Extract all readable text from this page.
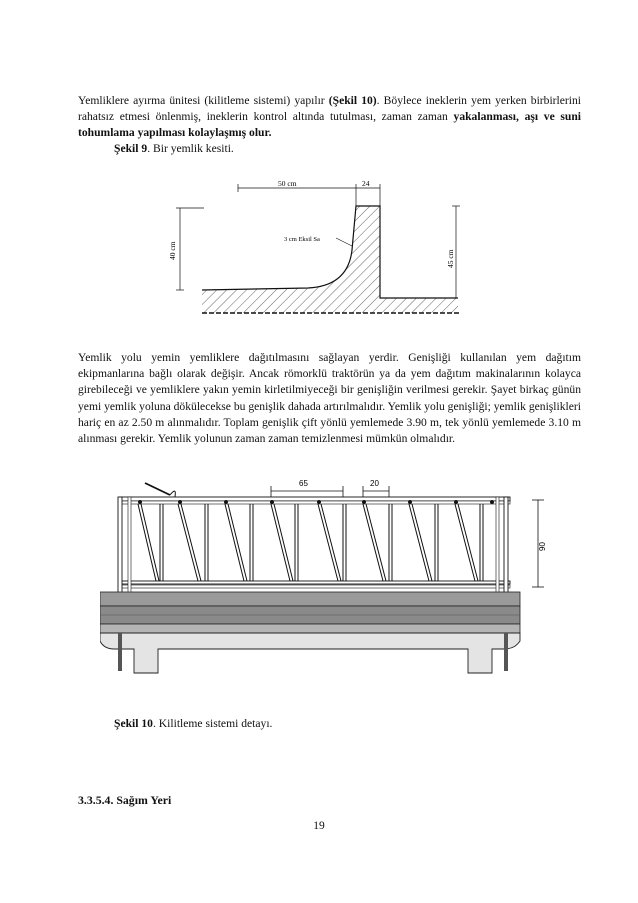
Yemliklere ayırma ünitesi (kilitleme sistemi) yapılır (Şekil 10). Böylece ineklerin yem yerken birbirlerini rahatsız etmesi önlenmiş, ineklerin kontrol altında tutulması, zaman zaman yakalanması, aşı ve suni tohumlama yapılması kolaylaşmış olur.

Şekil 9. Bir yemlik kesiti.

50 cm	24
40 cm	45 cm
3 cm Eksil Sa

Yemlik yolu yemin yemliklere dağıtılmasını sağlayan yerdir. Genişliği kullanılan yem dağıtım ekipmanlarına bağlı olarak değişir. Ancak römorklü traktörün ya da yem dağıtım makinalarının kolayca girebileceği ve yemliklere yakın yemin kirletilmiyeceği bir genişliğin verilmesi gerekir. Şayet birkaç günün yemi yemlik yoluna dökülecekse bu genişlik dahada artırılmalıdır. Yemlik yolu genişliği; yemlik genişlikleri hariç en az 2.50 m alınmalıdır. Toplam genişlik çift yönlü yemlemede 3.90 m, tek yönlü yemlemede 3.10 m alınması gerekir. Yemlik yolunun zaman zaman temizlenmesi mümkün olmalıdır.

65	20
90

Şekil 10. Kilitleme sistemi detayı.

3.3.5.4. Sağım Yeri

19
